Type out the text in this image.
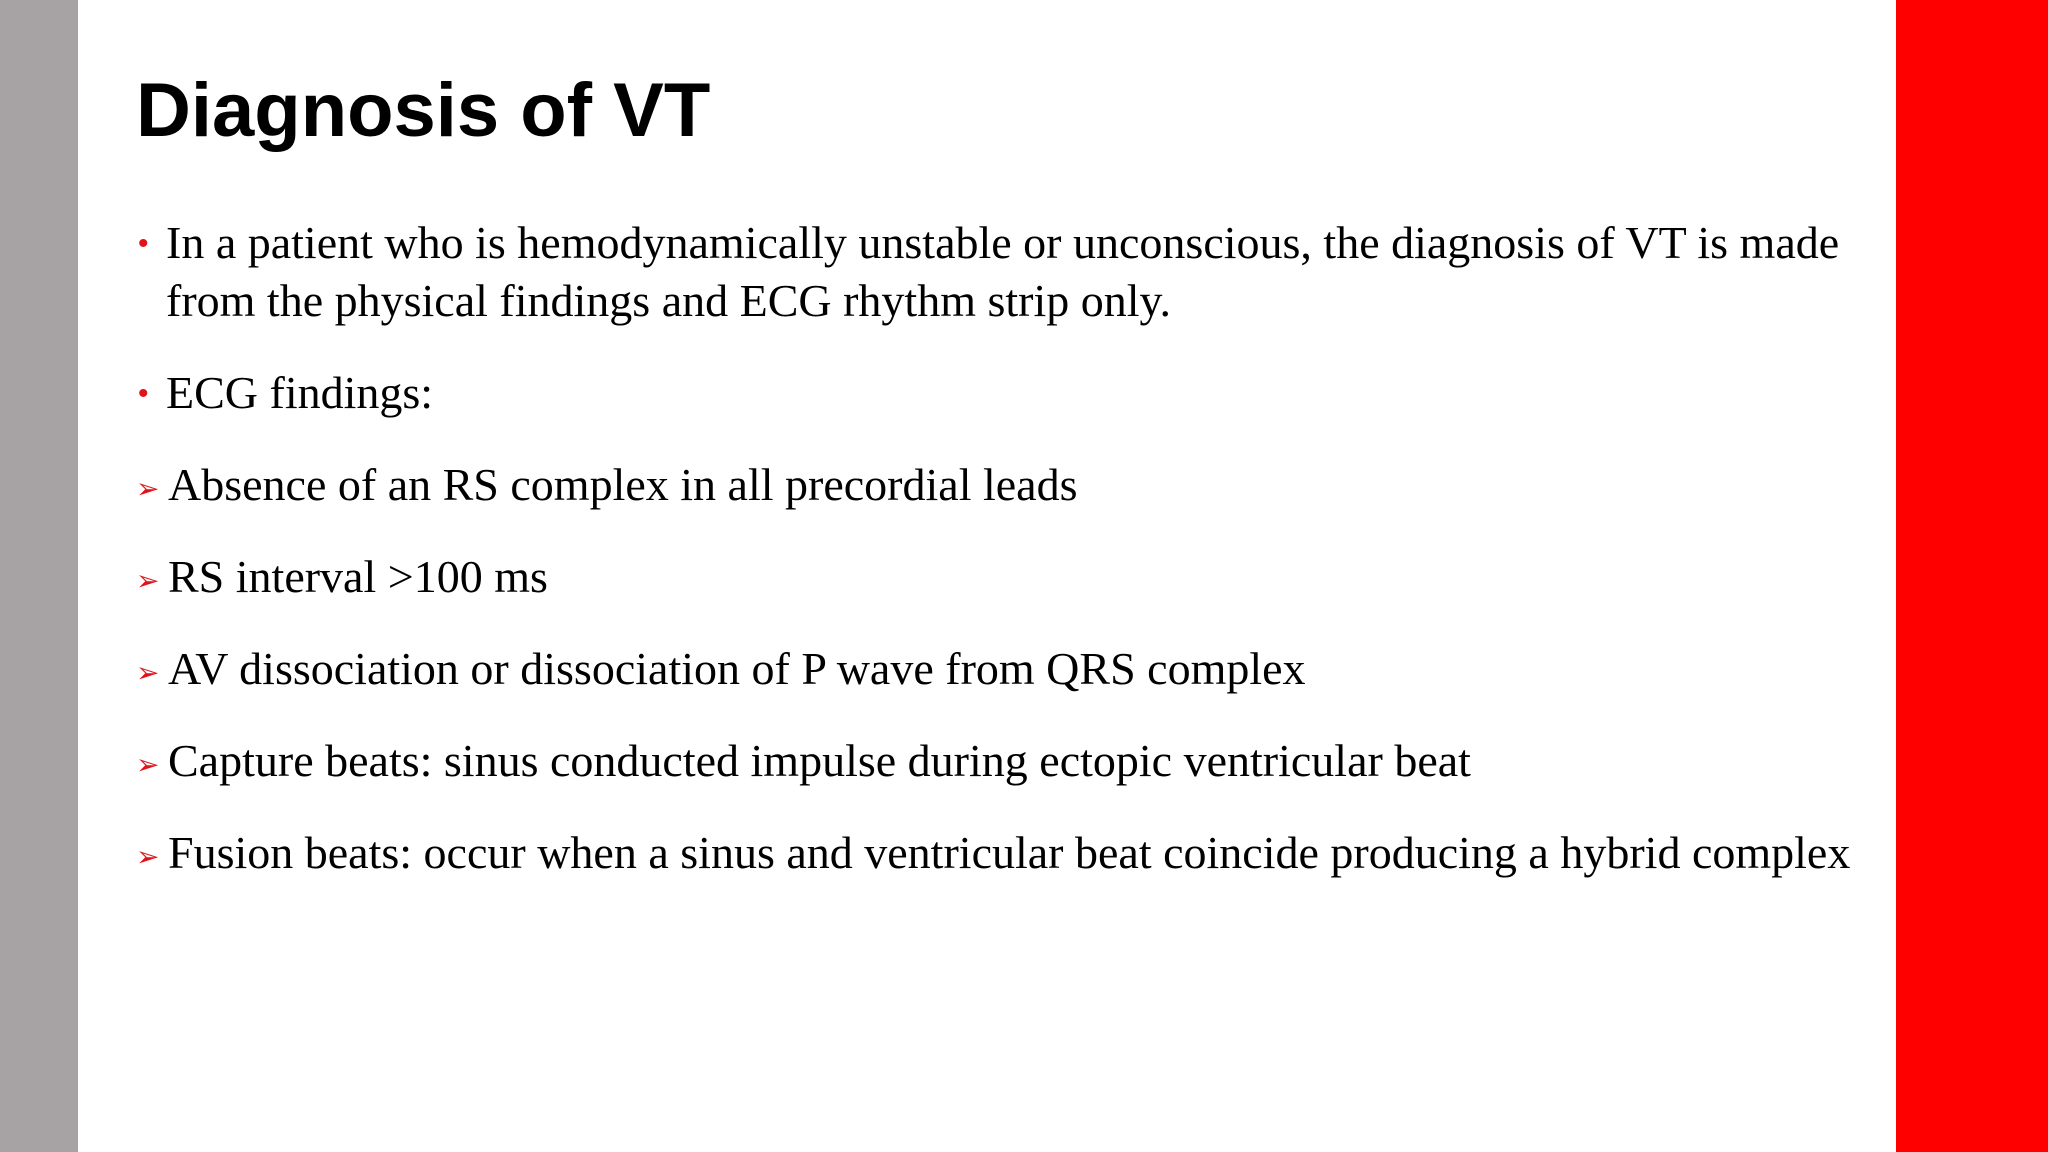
Diagnosis of VT
• In a patient who is hemodynamically unstable or unconscious, the diagnosis of VT is made from the physical findings and ECG rhythm strip only.
• ECG findings:
➢ Absence of an RS complex in all precordial leads
➢ RS interval >100 ms
➢ AV dissociation or dissociation of P wave from QRS complex
➢ Capture beats: sinus conducted impulse during ectopic ventricular beat
➢ Fusion beats: occur when a sinus and ventricular beat coincide producing a hybrid complex
